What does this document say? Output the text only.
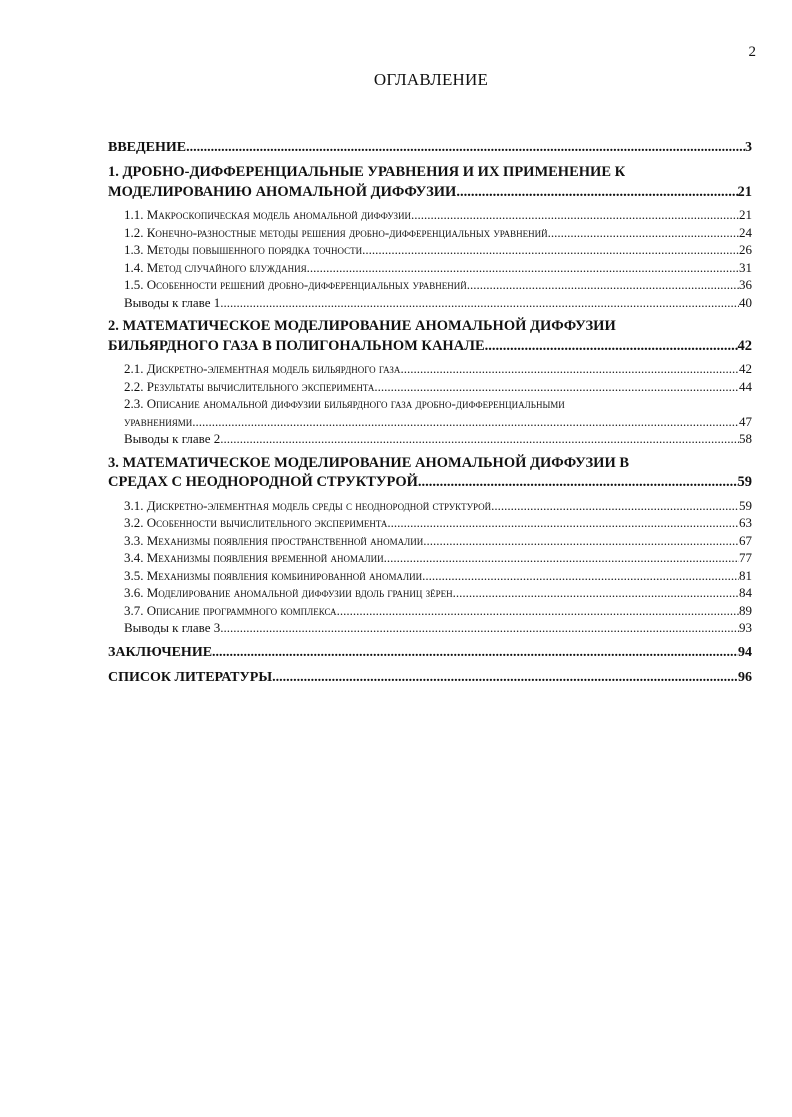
2
ОГЛАВЛЕНИЕ
ВВЕДЕНИЕ .....	3
1. ДРОБНО-ДИФФЕРЕНЦИАЛЬНЫЕ УРАВНЕНИЯ И ИХ ПРИМЕНЕНИЕ К
МОДЕЛИРОВАНИЮ АНОМАЛЬНОЙ ДИФФУЗИИ .....	21
1.1. Макроскопическая модель аномальной диффузии .....	21
1.2. Конечно-разностные методы решения дробно-дифференциальных уравнений .....	24
1.3. Методы повышенного порядка точности .....	26
1.4. Метод случайного блуждания .....	31
1.5. Особенности решений дробно-дифференциальных уравнений .....	36
Выводы к главе 1 .....	40
2. МАТЕМАТИЧЕСКОЕ МОДЕЛИРОВАНИЕ АНОМАЛЬНОЙ ДИФФУЗИИ
БИЛЬЯРДНОГО ГАЗА В ПОЛИГОНАЛЬНОМ КАНАЛЕ .....	42
2.1. Дискретно-элементная модель бильярдного газа .....	42
2.2. Результаты вычислительного эксперимента .....	44
2.3. Описание аномальной диффузии бильярдного газа дробно-дифференциальными
уравнениями .....	47
Выводы к главе 2 .....	58
3. МАТЕМАТИЧЕСКОЕ МОДЕЛИРОВАНИЕ АНОМАЛЬНОЙ ДИФФУЗИИ В
СРЕДАХ С НЕОДНОРОДНОЙ СТРУКТУРОЙ .....	59
3.1. Дискретно-элементная модель среды с неоднородной структурой .....	59
3.2. Особенности вычислительного эксперимента .....	63
3.3. Механизмы появления пространственной аномалии .....	67
3.4. Механизмы появления временной аномалии .....	77
3.5. Механизмы появления комбинированной аномалии .....	81
3.6. Моделирование аномальной диффузии вдоль границ зёрен .....	84
3.7. Описание программного комплекса .....	89
Выводы к главе 3 .....	93
ЗАКЛЮЧЕНИЕ .....	94
СПИСОК ЛИТЕРАТУРЫ .....	96
